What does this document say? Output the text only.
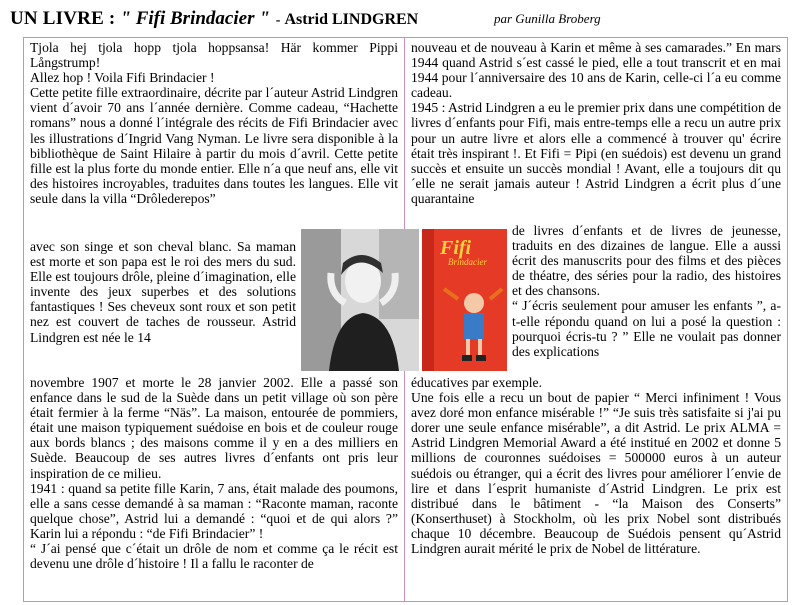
UN LIVRE : " Fifi Brindacier " - Astrid LINDGREN	par Gunilla Broberg

Tjola hej tjola hopp tjola hoppsansa! Här kommer Pippi Långstrump!

Allez hop ! Voila Fifi Brindacier !

Cette petite fille extraordinaire, décrite par l´auteur Astrid Lindgren vient d´avoir 70 ans l´année dernière. Comme cadeau, “Hachette romans” nous a donné l´intégrale des récits de Fifi Brindacier avec les illustrations d´Ingrid Vang Nyman. Le livre sera disponible à la bibliothèque de Saint Hilaire à partir du mois d´avril. Cette petite fille est la plus forte du monde entier. Elle n´a que neuf ans, elle vit des histoires incroyables, traduites dans toutes les langues. Elle vit seule dans la villa “Drôlederepos”

avec son singe et son cheval blanc. Sa maman est morte et son papa est le roi des mers du sud. Elle est toujours drôle, pleine d´imagination, elle invente des jeux superbes et des solutions fantastiques ! Ses cheveux sont roux et son petit nez est couvert de taches de rousseur. Astrid Lindgren est née le 14

novembre 1907 et morte le 28 janvier 2002. Elle a passé son enfance dans le sud de la Suède dans un petit village où son père était fermier à la ferme “Näs”. La maison, entourée de pommiers, était une maison typiquement suédoise en bois et de couleur rouge aux bords blancs ; des maisons comme il y en a des milliers en Suède. Beaucoup de ses autres livres d´enfants ont pris leur inspiration de ce milieu.

1941 : quand sa petite fille Karin, 7 ans, était malade des poumons, elle a sans cesse demandé à sa maman : “Raconte maman, raconte quelque chose”, Astrid lui a demandé : “quoi et de qui alors ?” Karin lui a répondu : “de Fifi Brindacier” !

“ J´ai pensé que c´était un drôle de nom et comme ça le récit est devenu une drôle d´histoire ! Il a fallu le raconter de

nouveau et de nouveau à Karin et même à ses camarades.” En mars 1944 quand Astrid s´est cassé le pied, elle a tout transcrit et en mai 1944 pour l´anniversaire des 10 ans de Karin, celle-ci l´a eu comme cadeau.

1945 : Astrid Lindgren a eu le premier prix dans une compétition de livres d´enfants pour Fifi, mais entre-temps elle a recu un autre prix pour un autre livre et alors elle a commencé à trouver qu' écrire était très inspirant !. Et Fifi = Pipi (en suédois) est devenu un grand succès et ensuite un succès mondial ! Avant, elle a toujours dit qu´elle ne serait jamais auteur ! Astrid Lindgren a écrit plus d´une quarantaine

de livres d´enfants et de livres de jeunesse, traduits en des dizaines de langue. Elle a aussi écrit des manuscrits pour des films et des pièces de théatre, des séries pour la radio, des histoires et des chansons.

“ J´écris seulement pour amuser les enfants ”, a-t-elle répondu quand on lui a posé la question : pourquoi écris-tu ? ” Elle ne voulait pas donner des explications

éducatives par exemple.

Une fois elle a recu un bout de papier “ Merci infiniment ! Vous avez doré mon enfance misérable !” “Je suis très satisfaite si j'ai pu dorer une seule enfance misérable”, a dit Astrid. Le prix ALMA = Astrid Lindgren Memorial Award a été institué en 2002 et donne 5 millions de couronnes suédoises = 500000 euros à un auteur suédois ou étranger, qui a écrit des livres pour améliorer l´envie de lire et dans l´esprit humaniste d´Astrid Lindgren. Le prix est distribué dans le bâtiment - “la Maison des Conserts” (Konserthuset) à Stockholm, où les prix Nobel sont distribués chaque 10 décembre. Beaucoup de Suédois pensent qu´Astrid Lindgren aurait mérité le prix de Nobel de littérature.

Fifi
Brindacier
